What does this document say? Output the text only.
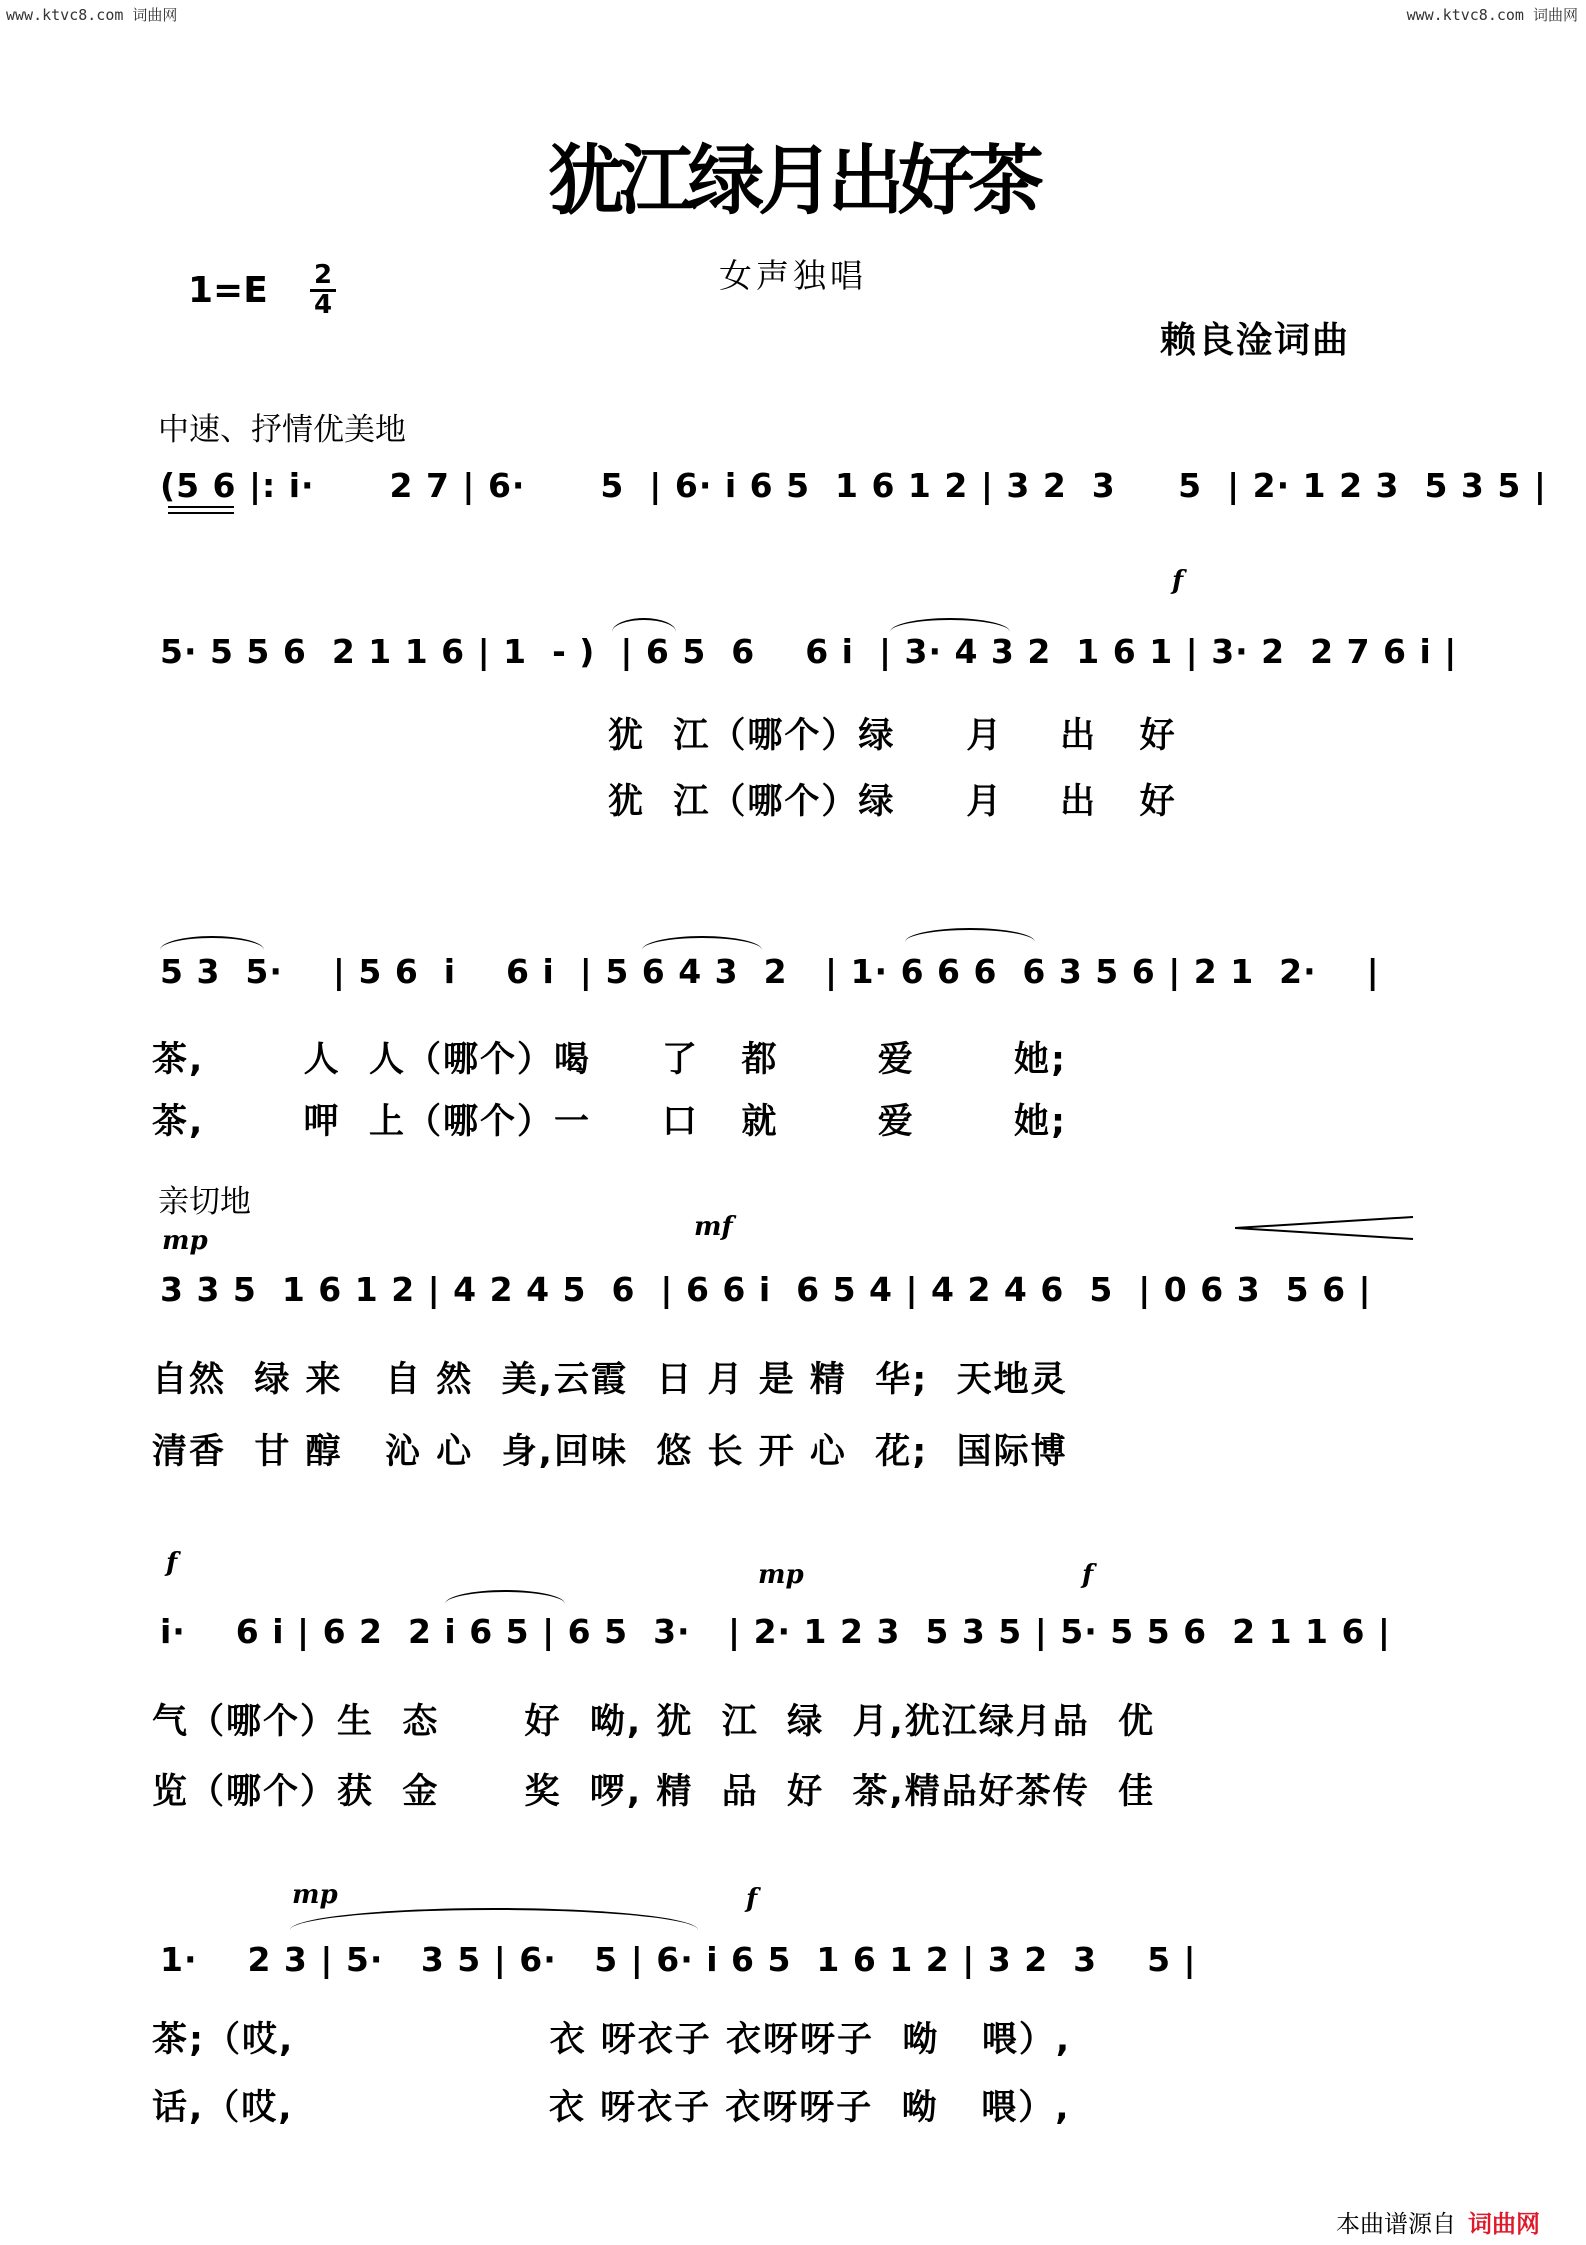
www.ktvc8.com 词曲网	www.ktvc8.com 词曲网
犹江绿月出好茶
女声独唱
1=E 2
4
赖良淦词曲
中速、抒情优美地
(5 6 |: i·      2 7 | 6·      5  | 6· i 6 5  1 6 1 2 | 3 2  3     5  | 2· 1 2 3  5 3 5 |
f
5· 5 5 6  2 1 1 6 | 1  - )  | 6 5  6    6 i  | 3· 4 3 2  1 6 1 | 3· 2  2 7 6 i |
犹  江（哪个）绿     月    出   好
犹  江（哪个）绿     月    出   好
5 3  5·    | 5 6  i    6 i  | 5 6 4 3  2   | 1· 6 6 6  6 3 5 6 | 2 1  2·    |
茶,       人  人（哪个）喝     了   都       爱       她;
茶,       呷  上（哪个）一     口   就       爱       她;
亲切地
mp	mf
3 3 5  1 6 1 2 | 4 2 4 5  6  | 6 6 i  6 5 4 | 4 2 4 6  5  | 0 6 3  5 6 |
自然  绿 来   自 然  美,云霞  日 月 是 精  华;  天地灵
清香  甘 醇   沁 心  身,回味  悠 长 开 心  花;  国际博
f	mp	f
i·    6 i | 6 2  2 i 6 5 | 6 5  3·   | 2· 1 2 3  5 3 5 | 5· 5 5 6  2 1 1 6 |
气（哪个）生  态      好  呦, 犹  江  绿  月,犹江绿月品  优
览（哪个）获  金      奖  啰, 精  品  好  茶,精品好茶传  佳
mp	f
1·    2 3 | 5·   3 5 | 6·   5 | 6· i 6 5  1 6 1 2 | 3 2  3    5 |
茶;（哎,                  衣 呀衣子 衣呀呀子  呦   喂）,
话,（哎,                  衣 呀衣子 衣呀呀子  呦   喂）,
本曲谱源自 词曲网
